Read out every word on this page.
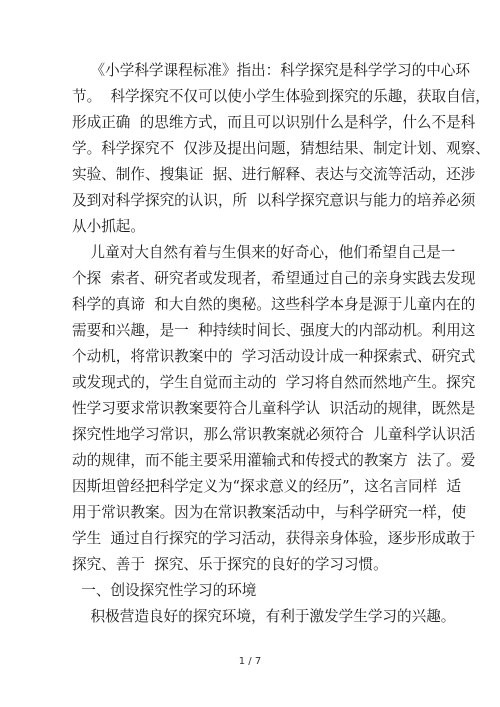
《小学科学课程标准》指出：科学探究是科学学习的中心环
节。  科学探究不仅可以使小学生体验到探究的乐趣，获取自信，
形成正确  的思维方式，而且可以识别什么是科学，什么不是科
学。科学探究不  仅涉及提出问题，猜想结果、制定计划、观察、
实验、制作、搜集证  据、进行解释、表达与交流等活动，还涉
及到对科学探究的认识，所  以科学探究意识与能力的培养必须
从小抓起。
儿童对大自然有着与生俱来的好奇心，他们希望自己是一
个探  索者、研究者或发现者，希望通过自己的亲身实践去发现
科学的真谛  和大自然的奥秘。这些科学本身是源于儿童内在的
需要和兴趣，是一  种持续时间长、强度大的内部动机。利用这
个动机，将常识教案中的  学习活动设计成一种探索式、研究式
或发现式的，学生自觉而主动的  学习将自然而然地产生。探究
性学习要求常识教案要符合儿童科学认  识活动的规律，既然是
探究性地学习常识，那么常识教案就必须符合  儿童科学认识活
动的规律，而不能主要采用灌输式和传授式的教案方  法了。爱
因斯坦曾经把科学定义为“探求意义的经历”，这名言同样  适
用于常识教案。因为在常识教案活动中，与科学研究一样，使
学生  通过自行探究的学习活动，获得亲身体验，逐步形成敢于
探究、善于  探究、乐于探究的良好的学习习惯。
一、创设探究性学习的环境
积极营造良好的探究环境，有利于激发学生学习的兴趣。
1 / 7
